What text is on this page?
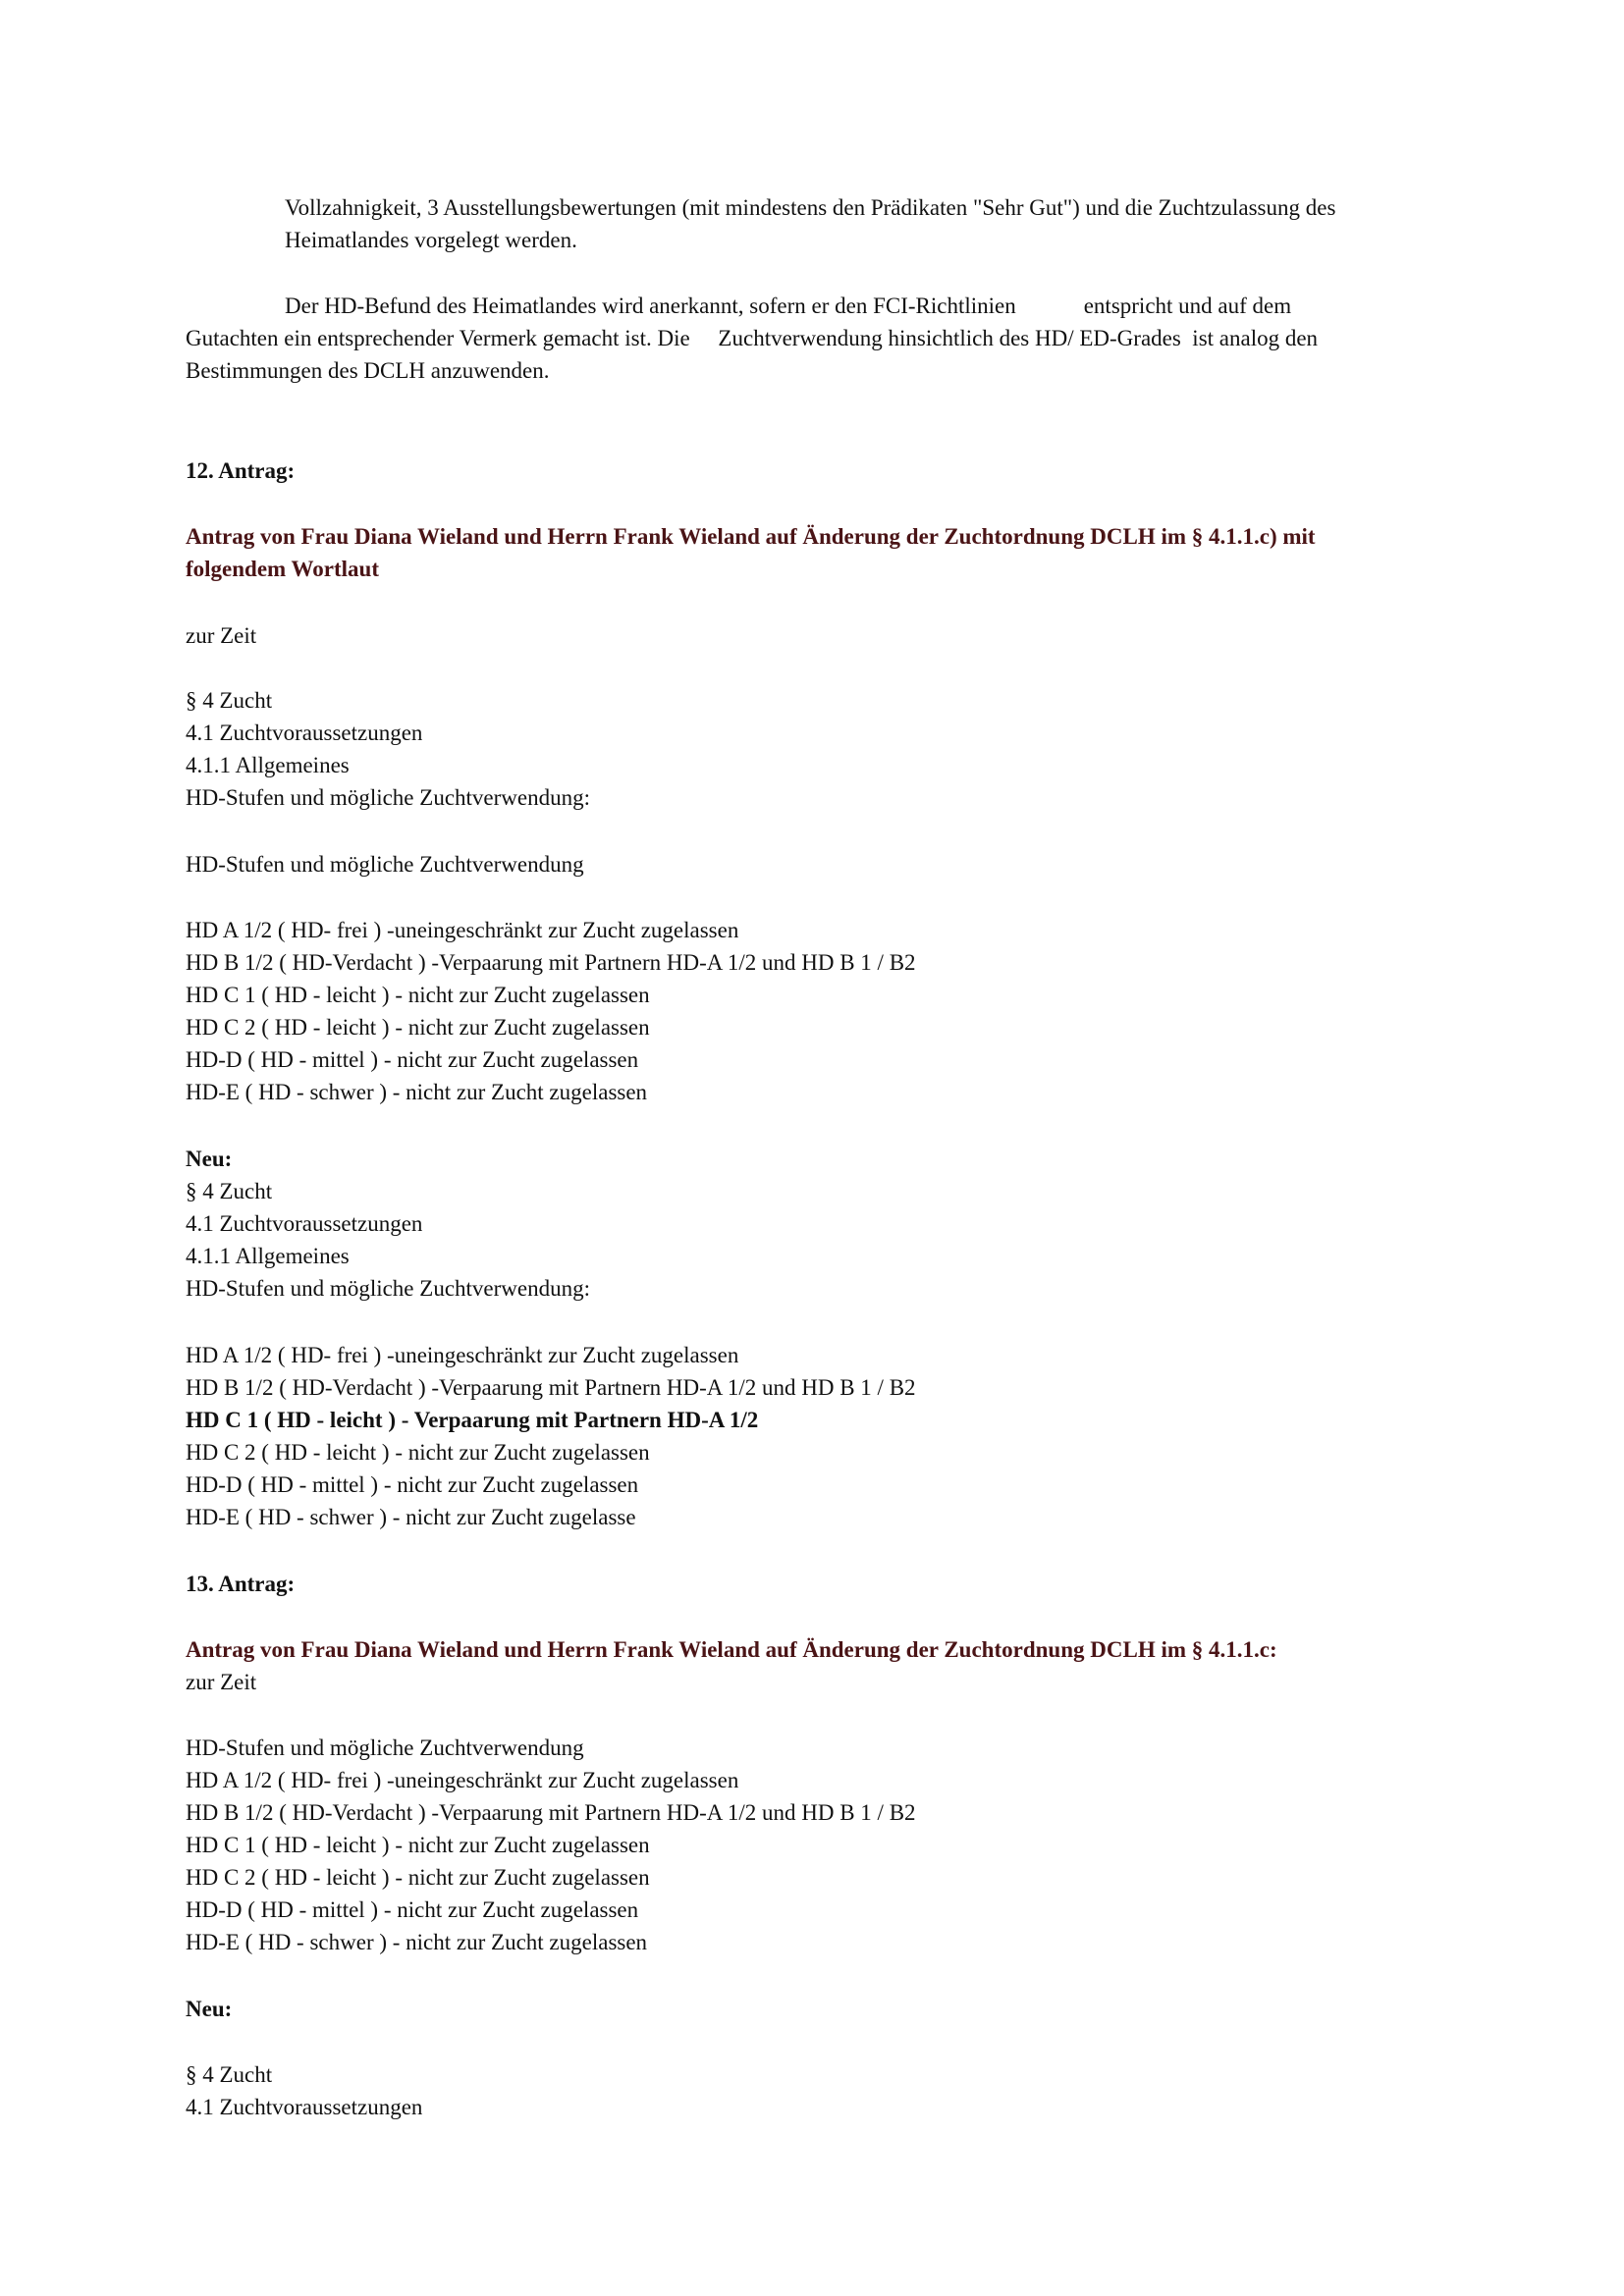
Vollzahnigkeit, 3 Ausstellungsbewertungen (mit mindestens den Prädikaten "Sehr Gut") und die Zuchtzulassung des
Heimatlandes vorgelegt werden.
Der HD-Befund des Heimatlandes wird anerkannt, sofern er den FCI-Richtlinien            entspricht und auf dem
Gutachten ein entsprechender Vermerk gemacht ist. Die     Zuchtverwendung hinsichtlich des HD/ ED-Grades  ist analog den
Bestimmungen des DCLH anzuwenden.
12. Antrag:
Antrag von Frau Diana Wieland und Herrn Frank Wieland auf Änderung der Zuchtordnung DCLH im § 4.1.1.c) mit
folgendem Wortlaut
zur Zeit
§ 4 Zucht
4.1 Zuchtvoraussetzungen
4.1.1 Allgemeines
HD-Stufen und mögliche Zuchtverwendung:
HD-Stufen und mögliche Zuchtverwendung
HD A 1/2 ( HD- frei ) -uneingeschränkt zur Zucht zugelassen
HD B 1/2 ( HD-Verdacht ) -Verpaarung mit Partnern HD-A 1/2 und HD B 1 / B2
HD C 1 ( HD - leicht ) - nicht zur Zucht zugelassen
HD C 2 ( HD - leicht ) - nicht zur Zucht zugelassen
HD-D ( HD - mittel ) - nicht zur Zucht zugelassen
HD-E ( HD - schwer ) - nicht zur Zucht zugelassen
Neu:
§ 4 Zucht
4.1 Zuchtvoraussetzungen
4.1.1 Allgemeines
HD-Stufen und mögliche Zuchtverwendung:
HD A 1/2 ( HD- frei ) -uneingeschränkt zur Zucht zugelassen
HD B 1/2 ( HD-Verdacht ) -Verpaarung mit Partnern HD-A 1/2 und HD B 1 / B2
HD C 1 ( HD - leicht ) - Verpaarung mit Partnern HD-A 1/2
HD C 2 ( HD - leicht ) - nicht zur Zucht zugelassen
HD-D ( HD - mittel ) - nicht zur Zucht zugelassen
HD-E ( HD - schwer ) - nicht zur Zucht zugelasse
13. Antrag:
Antrag von Frau Diana Wieland und Herrn Frank Wieland auf Änderung der Zuchtordnung DCLH im § 4.1.1.c:
zur Zeit
HD-Stufen und mögliche Zuchtverwendung
HD A 1/2 ( HD- frei ) -uneingeschränkt zur Zucht zugelassen
HD B 1/2 ( HD-Verdacht ) -Verpaarung mit Partnern HD-A 1/2 und HD B 1 / B2
HD C 1 ( HD - leicht ) - nicht zur Zucht zugelassen
HD C 2 ( HD - leicht ) - nicht zur Zucht zugelassen
HD-D ( HD - mittel ) - nicht zur Zucht zugelassen
HD-E ( HD - schwer ) - nicht zur Zucht zugelassen
Neu:
§ 4 Zucht
4.1 Zuchtvoraussetzungen
